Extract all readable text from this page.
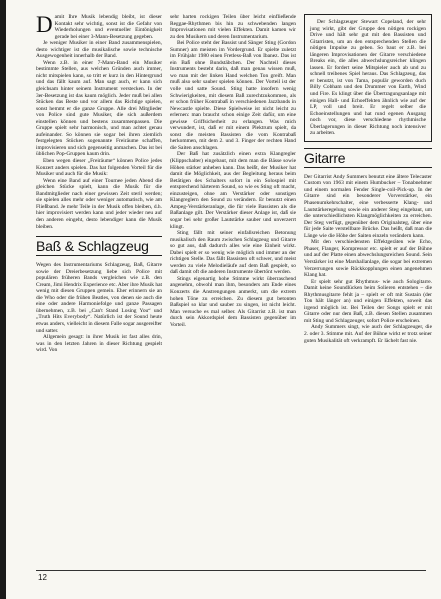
Damit Ihre Musik lebendig bleibt, ist dieser Kontakt sehr wichtig, sonst ist die Gefahr von Wiederholungen und eventueller Eintönigkeit gerade bei einer 3-Mann-Besetzung gegeben.

Je weniger Musiker in einer Band zusammenspielen, desto wichtiger ist die musikalische sowie technische Ausgewogenheit innerhalb der Band.

Wenn z.B. in einer 7-Mann-Band ein Musiker bestimmte Stellen, aus welchen Gründen auch immer, nicht mitspielen kann, so tritt er kurz in den Hintergrund und das fällt kaum auf. Man sagt auch, er kann sich gleichsam hinter seinem Instrument verstecken. In der 3er-Besetzung ist das kaum möglich. Jeder muß bei allen Stücken das Beste und vor allem das Richtige spielen, sonst hemmt er die ganze Gruppe. Alle drei Mitglieder von Police sind gute Musiker, die sich außerdem einstellen können und bestens zusammenpassen. Die Gruppe spielt sehr harmonisch, und man achtet genau aufeinander. So können sie sogar bei ihren ziemlich festgelegten Stücken sogenannte Freiräume schaffen, improvisieren und sich gegenseitig anmachen. Das ist bei üblichen Pop-Gruppen kaum drin.

Eben wegen dieser „Freiräume“ können Police jedes Konzert anders spielen. Das hat folgenden Vorteil für die Musiker und auch für die Musik:

Wenn eine Band auf einer Tournee jeden Abend die gleichen Stücke spielt, kann die Musik für die Bandmitglieder nach einer gewissen Zeit steril werden; sie spielen alles mehr oder weniger automatisch, wie am Fließband. Je mehr Teile in der Musik offen bleiben, d.h. hier improvisiert werden kann und jeder wieder neu auf den anderen eingeht, desto lebendiger kann die Musik bleiben.

Baß & Schlagzeug

Wegen des Instrumentariums Schlagzeug, Baß, Gitarre sowie der Dreierbesetzung liebe sich Police mit populären früheren Bands vergleichen wie z.B. den Cream, Jimi Hendrix Experience etc. Aber ihre Musik hat wenig mit diesen Gruppen gemein. Eher erinnern sie an die Who oder die frühen Beatles, von denen sie auch die eine oder andere Harmoniefolge und ganze Passagen übernehmen, z.B. bei „Can't Stand Losing You“ und „Truth Hits Everybody“. Natürlich ist der Sound heute etwas anders, vielleicht in diesem Falle sogar ausgereifter und satter.

Allgemein gesagt: in ihrer Musik ist fast alles drin, was in den letzten Jahren in dieser Richtung gespielt wird. Von

sehr harten rockigen Teilen über leicht einfließende Reggae-Rhythmen bis hin zu schwebenden langen Improvisationen mit vielen Effekten. Damit kamen wir zu den Musikern und deren Instrumentarium.

Bei Police steht der Bassist und Sänger Sting (Gordon Sumner) am meisten im Vordergrund. Er spielte zuletzt im Frühjahr 1980 einen Fretless-Baß von Ibanez. Das ist ein Baß ohne Bundstäbchen. Der Nachteil dieses Instruments besteht darin, daß man genau wissen muß, wo man mit der linken Hand welchen Ton greift. Man muß also sehr sauber spielen können. Der Vorteil ist der volle und satte Sound. Sting hatte insofern wenig Schwierigkeiten, mit diesem Baß zurechtzukommen, als er schon früher Kontrabaß in verschiedenen Jazzbands in Newcastle spielte. Diese Spielweise ist nicht leicht zu erlernen: man braucht schon einige Zeit dafür, um eine gewisse Griffsicherheit zu erlangen. Was mich verwundert, ist, daß er mit einem Plektrum spielt, da sonst die meisten Bassisten die vom Kontrabaß herkommen, mit dem 2. und 3. Finger der rechten Hand die Saiten anschlagen.

Der Baß hat zusätzlich einen extra Klangregler (Klippschalter) eingebaut, mit dem man die Bässe sowie Höhen stärker anheben kann. Das heißt, der Musiker hat damit die Möglichkeit, aus der Begleitung heraus beim Betätigen des Schalters sofort in ein Solospiel mit entsprechend härterem Sound, so wie es Sting oft macht, einzusteigen, ohne am Verstärker oder sonstigen Klangreglern den Sound zu verändern. Er benutzt einen Ampeg-Verstärkeranlage, die für viele Bassisten als die Baßanlage gilt. Der Verstärker dieser Anlage ist, daß sie sogar bei sehr großer Lautstärke sauber und unverzerrt klingt.

Sting fällt mit seiner einfallsreichen Betonung musikalisch den Raum zwischen Schlagzeug und Gitarre so gut aus, daß dadurch alles wie eine Einheit wirkt. Dabei spielt er so wenig wie möglich und immer an der richtigen Stelle. Das fällt Bassisten oft schwer, und meist werden zu viele Melodieläufe auf dem Baß gespielt, so daß damit oft die anderen Instrumente übertönt werden.

Stings eigenartig hohe Stimme wirkt überraschend angenehm, obwohl man ihm, besonders am Ende eines Konzerts die Anstrengungen anmerkt, um die extrem hohen Töne zu erreichen. Zu diesem gut betonten Baßspiel so klar und sauber zu singen, ist nicht leicht. Man versuche es mal selber. Als Gitarrist z.B. ist man durch sein Akkordspiel dem Bassisten gegenüber im Vorteil.

Der Schlagzeuger Stewart Copeland, der sehr jung wirkt, gibt der Gruppe den nötigen rockigen Drive und hält sehr gut mit den Bassisten und Gitarristen, um an den entsprechenden Stellen die nötigen Impulse zu geben. So baut er z.B. bei längeren Improvisationen der Gitarre verschiedene Breaks ein, die alles abwechslungsreicher klingen lassen. Er fordert seine Mitspieler auch ab und zu schnell treibenes Spiel heraus. Das Schlagzeug, das er benutzt, ist von Tama, populär geworden duch Billy Cobham und den Drummer von Earth, Wind und Fire. Es klingt über die Übertragungsanlage mit einigen Hall- und Echoeffekten ähnlich wie auf der LP, voll und breit. Er regelt selber die Echoeinstellungen und hat rund egenen Ausgang noch vor, diese verschiedene rhythmische Überlagerungen in dieser Richtung noch intensiver zu arbeiten.

Gitarre

Der Gitarrist Andy Summers benutzt eine ältere Telecaster Custom von 1963 mit einem Humbucker – Tonabnehmer und einem normalen Fender Single-coil-Pick-up. In der Gitarre sind ein besonderer Vorverstärker, ein Phasenumkehrschalter, eine verbesserte Klang- und Lautstärkeregelung sowie ein anderer Steg eingebaut, um die unterschiedlichsten Klangmöglichkeiten zu erreichen. Der Steg verfügt, gegenüber dem Originalsteg, über eine für jede Saite verstellbare Brücke. Das heißt, daß man die Länge wie die Höhe der Saiten einzeln verändern kann.

Mit den verschiedensten Effektgeräten wie Echo, Phaser, Flanger, Kompressor etc. spielt er auf der Bühne und auf der Platte einen abwechslungsreichen Sound. Sein Verstärker ist eine Marshallanlage, die sogar bei extremen Verzerrungen sowie Rückkopplungen einen angenehmen Klang hat.

Er spielt sehr gut Rhythmus- wie auch Sologitarre. Damit keine Soundlücken beim Solieren entstehen – die Rhythmusgitarre fehlt ja – spielt er oft mit Sustain (der Ton hält länger an) und einigen Effekten, soweit das irgend möglich ist. Bei Teilen der Songs spielt er mit Gitarre oder nur dem Baß, z.B. diesen Stellen zusammen mit Sting und Schlagzeuger, sofort Police erscheinen.

Andy Summers singt, wie auch der Schlagzeuger, die 2. oder 3. Stimme mit. Auf der Bühne wirkt er trotz seiner guten Musikalität oft verkrampft. Er lächelt fast nie.

12
